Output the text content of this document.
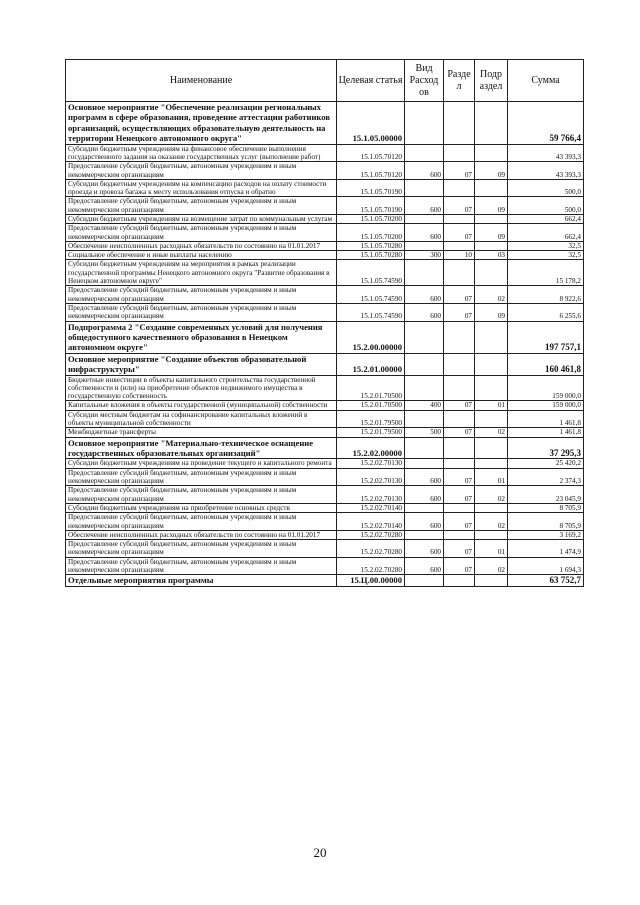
Наименование	Целевая статья	Вид Расход ов	Разде л	Подр аздел	Сумма
Основное мероприятие "Обеспечение реализации региональных программ в сфере образования, проведение аттестации работников организаций, осуществляющих образовательную деятельность на территории Ненецкого автономного округа"	15.1.05.00000				59 766,4
Субсидии бюджетным учреждениям на финансовое обеспечение выполнения государственного задания на оказание государственных услуг (выполнение работ)	15.1.05.70120				43 393,3
Предоставление субсидий бюджетным, автономным учреждениям и иным некоммерческим организациям	15.1.05.70120	600	07	09	43 393,3
Субсидии бюджетным учреждениям на компенсацию расходов на оплату стоимости проезда и провоза багажа к месту использования отпуска и обратно	15.1.05.70190				500,0
Предоставление субсидий бюджетным, автономным учреждениям и иным некоммерческим организациям	15.1.05.70190	600	07	09	500,0
Субсидии бюджетным учреждениям на возмещение затрат по коммунальным услугам	15.1.05.70200				662,4
Предоставление субсидий бюджетным, автономным учреждениям и иным некоммерческим организациям	15.1.05.70200	600	07	09	662,4
Обеспечение неисполненных расходных обязательств по состоянию на 01.01.2017	15.1.05.70280				32,5
Социальное обеспечение и иные выплаты населению	15.1.05.70280	300	10	03	32,5
Субсидии бюджетным учреждениям на мероприятия в рамках реализации государственной программы Ненецкого автономного округа "Развитие образования в Ненецком автономном округе"	15.1.05.74590				15 178,2
Предоставление субсидий бюджетным, автономным учреждениям и иным некоммерческим организациям	15.1.05.74590	600	07	02	8 922,6
Предоставление субсидий бюджетным, автономным учреждениям и иным некоммерческим организациям	15.1.05.74590	600	07	09	6 255,6
Подпрограмма 2 "Создание современных условий для получения общедоступного качественного образования в Ненецком автономном округе"	15.2.00.00000				197 757,1
Основное мероприятие "Создание объектов образовательной инфраструктуры"	15.2.01.00000				160 461,8
Бюджетные инвестиции в объекты капитального строительства государственной собственности и (или) на приобретение объектов недвижимого имущества в государственную собственность	15.2.01.70500				159 000,0
Капитальные вложения в объекты государственной (муниципальной) собственности	15.2.01.70500	400	07	01	159 000,0
Субсидии местным бюджетам на софинансирование капитальных вложений в объекты муниципальной собственности	15.2.01.79500				1 461,8
Межбюджетные трансферты	15.2.01.79500	500	07	02	1 461,8
Основное мероприятие "Материально-техническое оснащение государственных образовательных организаций"	15.2.02.00000				37 295,3
Субсидии бюджетным учреждениям на проведение текущего и капитального ремонта	15.2.02.70130				25 420,2
Предоставление субсидий бюджетным, автономным учреждениям и иным некоммерческим организациям	15.2.02.70130	600	07	01	2 374,3
Предоставление субсидий бюджетным, автономным учреждениям и иным некоммерческим организациям	15.2.02.70130	600	07	02	23 045,9
Субсидии бюджетным учреждениям на приобретение основных средств	15.2.02.70140				8 705,9
Предоставление субсидий бюджетным, автономным учреждениям и иным некоммерческим организациям	15.2.02.70140	600	07	02	8 705,9
Обеспечение неисполненных расходных обязательств по состоянию на 01.01.2017	15.2.02.70280				3 169,2
Предоставление субсидий бюджетным, автономным учреждениям и иным некоммерческим организациям	15.2.02.70280	600	07	01	1 474,9
Предоставление субсидий бюджетным, автономным учреждениям и иным некоммерческим организациям	15.2.02.70280	600	07	02	1 694,3
Отдельные мероприятия программы	15.Ц.00.00000				63 752,7
20
